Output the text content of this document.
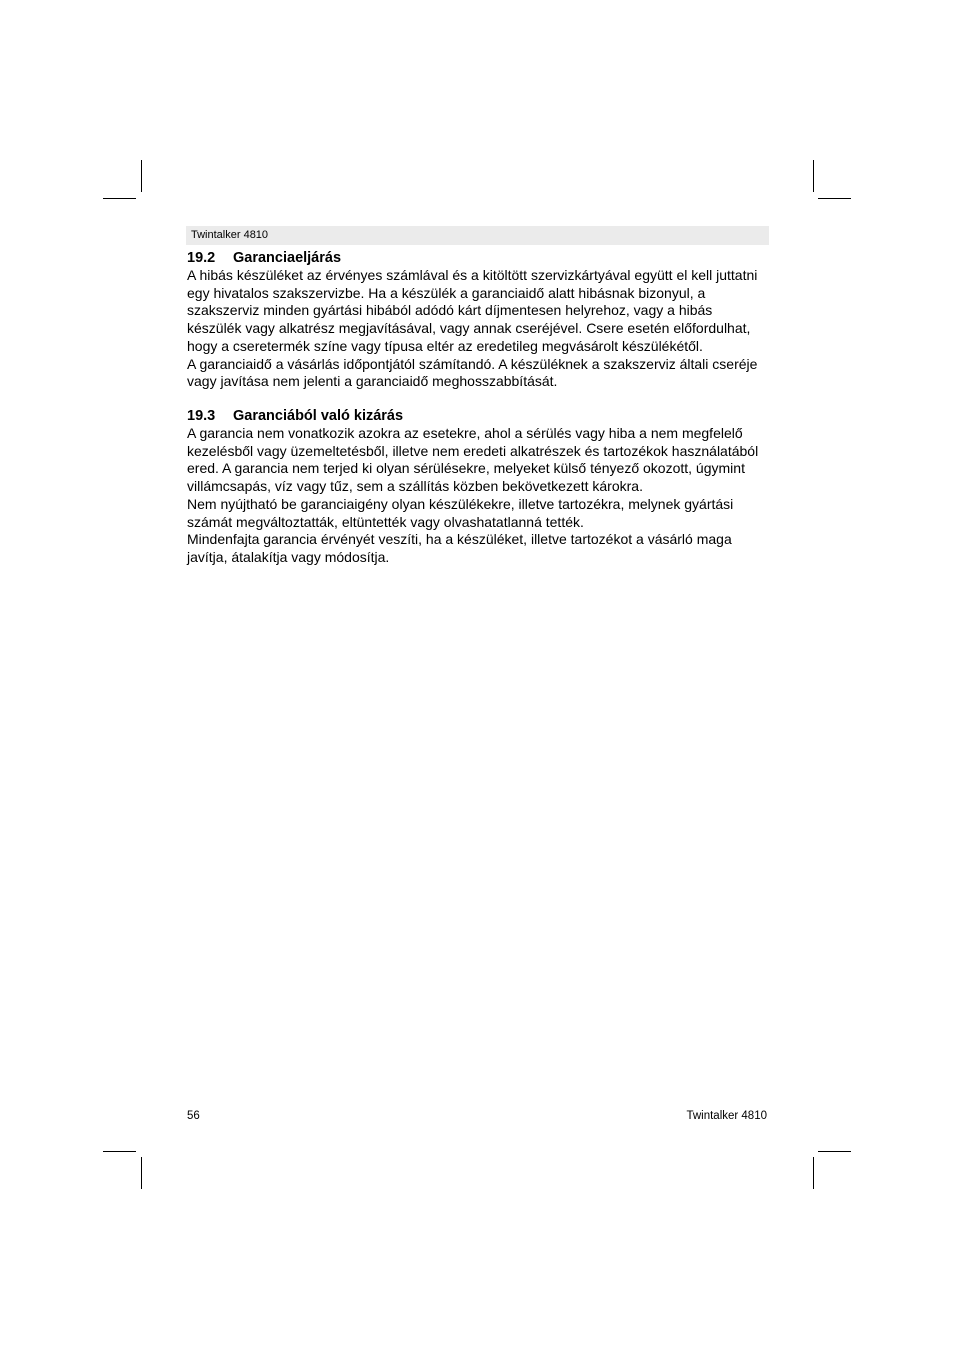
Twintalker 4810
19.2 Garanciaeljárás

A hibás készüléket az érvényes számlával és a kitöltött szervizkártyával együtt el kell juttatni

egy hivatalos szakszervizbe. Ha a készülék a garanciaidő alatt hibásnak bizonyul, a

szakszerviz minden gyártási hibából adódó kárt díjmentesen helyrehoz, vagy a hibás

készülék vagy alkatrész megjavításával, vagy annak cseréjével. Csere esetén előfordulhat,

hogy a cseretermék színe vagy típusa eltér az eredetileg megvásárolt készülékétől.

A garanciaidő a vásárlás időpontjától számítandó. A készüléknek a szakszerviz általi cseréje

vagy javítása nem jelenti a garanciaidő meghosszabbítását.

19.3 Garanciából való kizárás

A garancia nem vonatkozik azokra az esetekre, ahol a sérülés vagy hiba a nem megfelelő

kezelésből vagy üzemeltetésből, illetve nem eredeti alkatrészek és tartozékok használatából

ered. A garancia nem terjed ki olyan sérülésekre, melyeket külső tényező okozott, úgymint

villámcsapás, víz vagy tűz, sem a szállítás közben bekövetkezett károkra.

Nem nyújtható be garanciaigény olyan készülékekre, illetve tartozékra, melynek gyártási

számát megváltoztatták, eltüntették vagy olvashatatlanná tették.

Mindenfajta garancia érvényét veszíti, ha a készüléket, illetve tartozékot a vásárló maga

javítja, átalakítja vagy módosítja.

56	Twintalker 4810
